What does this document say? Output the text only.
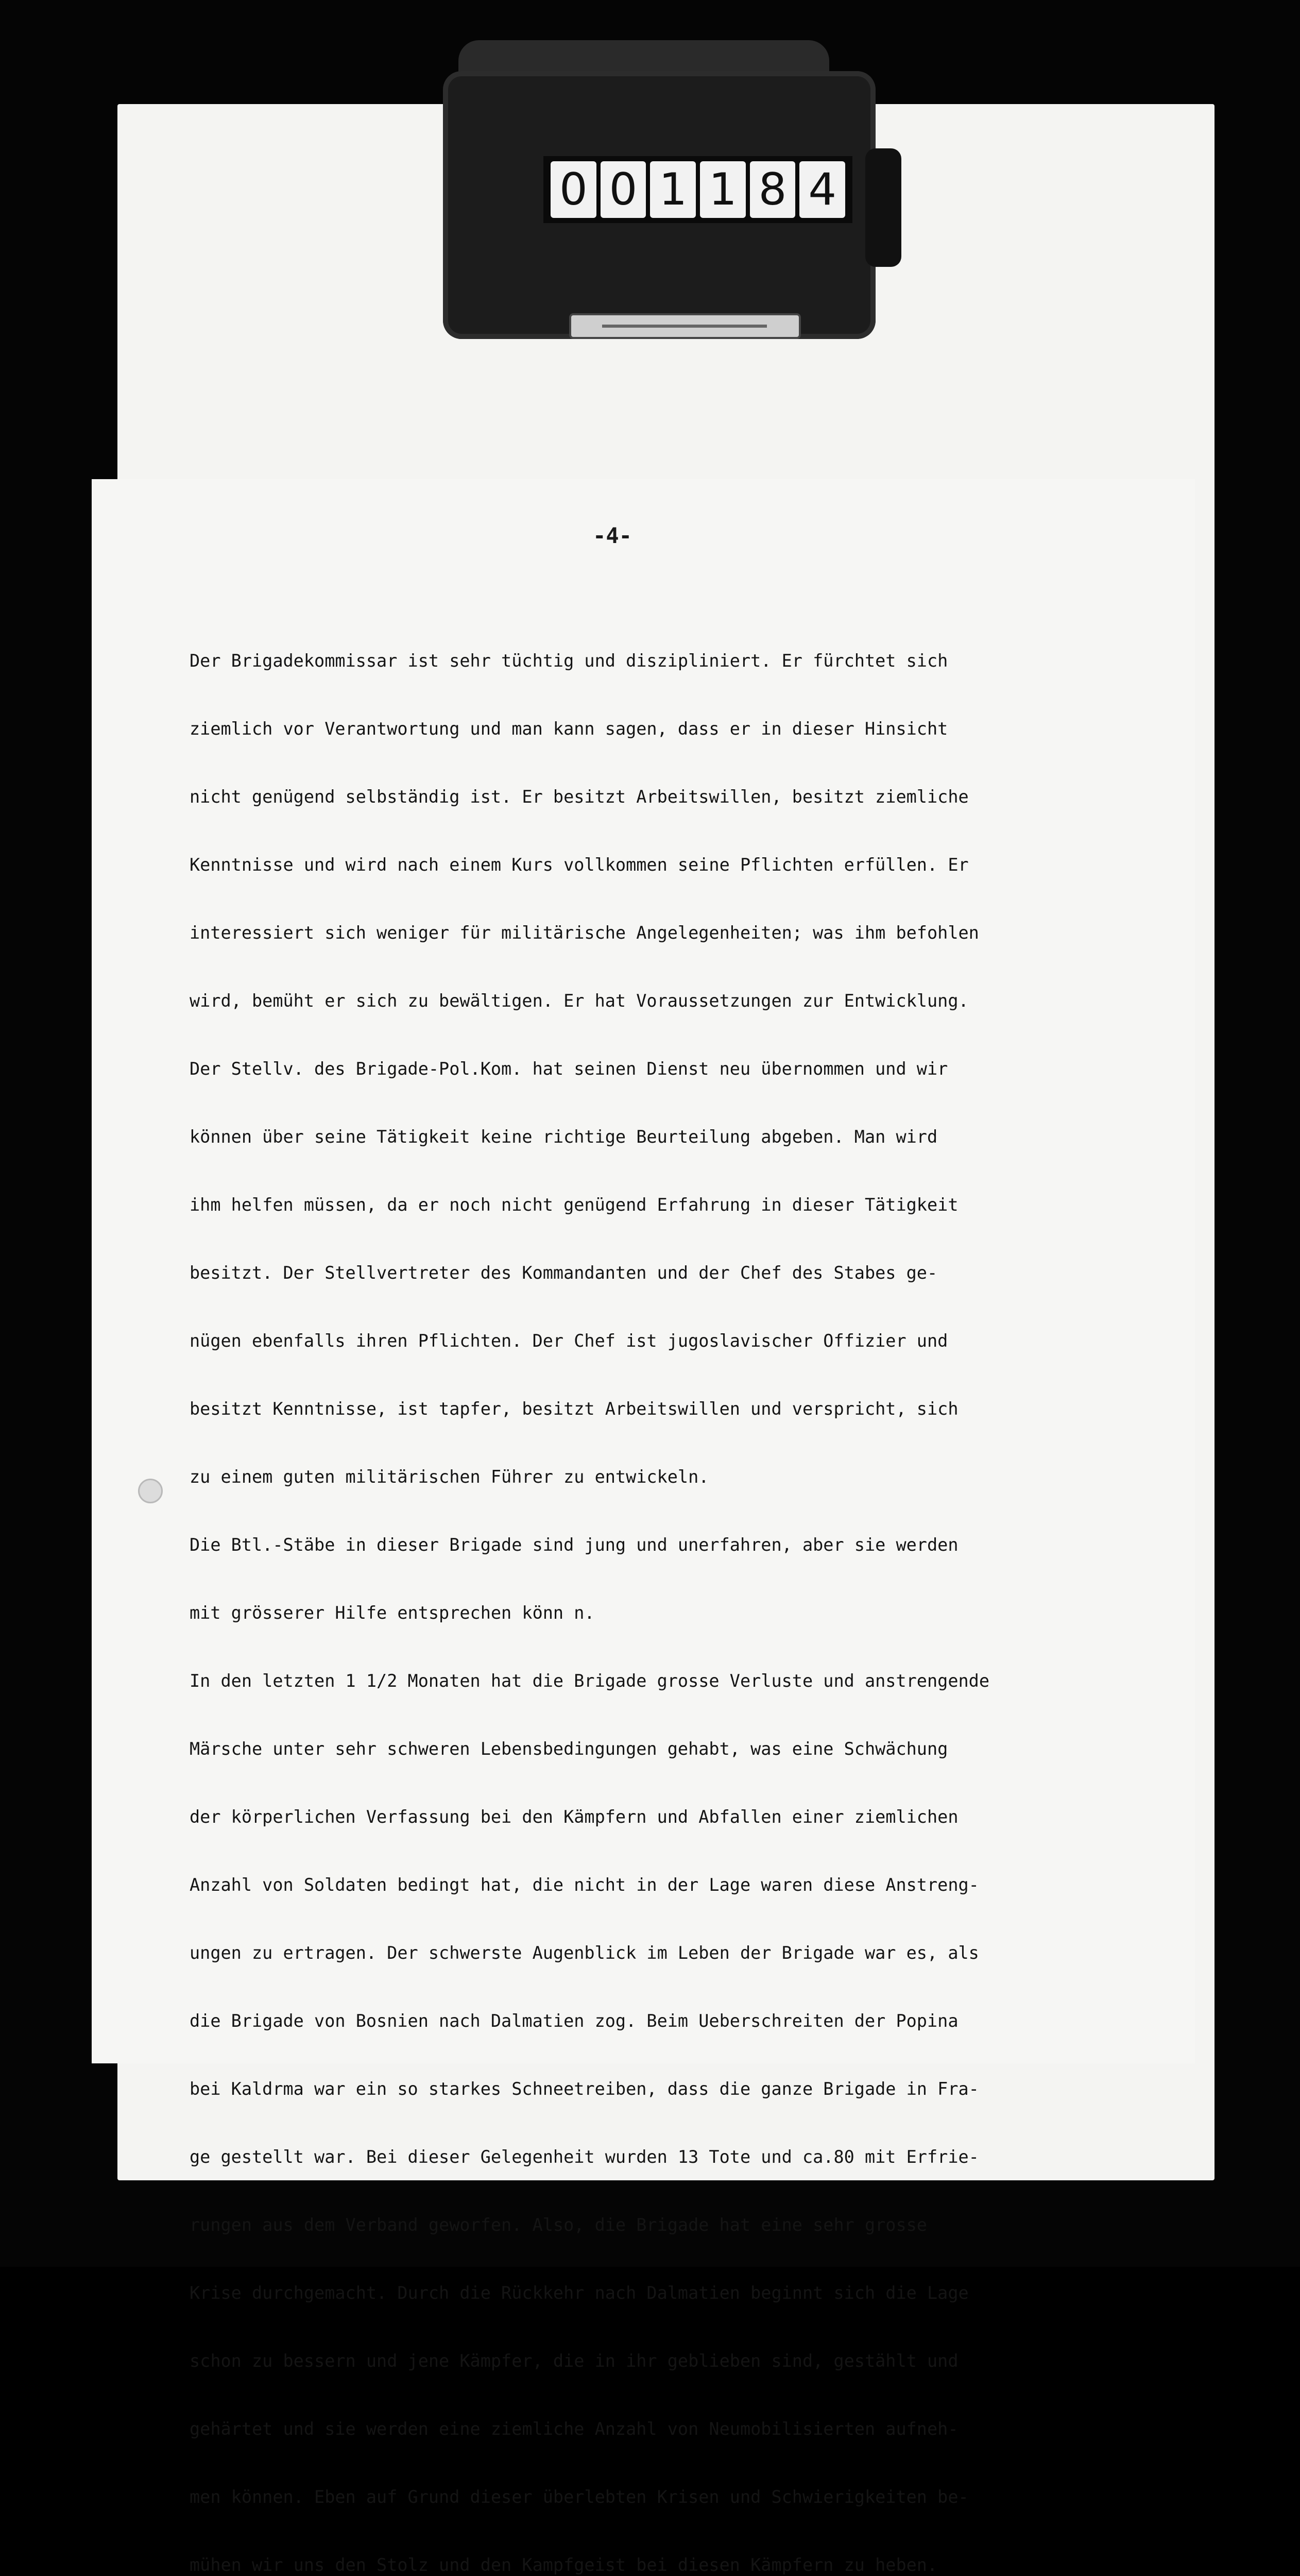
0 0 1 1 8 4
-4-

Der Brigadekommissar ist sehr tüchtig und diszipliniert. Er fürchtet sich

ziemlich vor Verantwortung und man kann sagen, dass er in dieser Hinsicht

nicht genügend selbständig ist. Er besitzt Arbeitswillen, besitzt ziemliche

Kenntnisse und wird nach einem Kurs vollkommen seine Pflichten erfüllen. Er

interessiert sich weniger für militärische Angelegenheiten; was ihm befohlen

wird, bemüht er sich zu bewältigen. Er hat Voraussetzungen zur Entwicklung.

Der Stellv. des Brigade-Pol.Kom. hat seinen Dienst neu übernommen und wir

können über seine Tätigkeit keine richtige Beurteilung abgeben. Man wird

ihm helfen müssen, da er noch nicht genügend Erfahrung in dieser Tätigkeit

besitzt. Der Stellvertreter des Kommandanten und der Chef des Stabes ge-

nügen ebenfalls ihren Pflichten. Der Chef ist jugoslavischer Offizier und

besitzt Kenntnisse, ist tapfer, besitzt Arbeitswillen und verspricht, sich

zu einem guten militärischen Führer zu entwickeln.

Die Btl.-Stäbe in dieser Brigade sind jung und unerfahren, aber sie werden

mit grösserer Hilfe entsprechen könn n.

In den letzten 1 1/2 Monaten hat die Brigade grosse Verluste und anstrengende

Märsche unter sehr schweren Lebensbedingungen gehabt, was eine Schwächung

der körperlichen Verfassung bei den Kämpfern und Abfallen einer ziemlichen

Anzahl von Soldaten bedingt hat, die nicht in der Lage waren diese Anstreng-

ungen zu ertragen. Der schwerste Augenblick im Leben der Brigade war es, als

die Brigade von Bosnien nach Dalmatien zog. Beim Ueberschreiten der Popina

bei Kaldrma war ein so starkes Schneetreiben, dass die ganze Brigade in Fra-

ge gestellt war. Bei dieser Gelegenheit wurden 13 Tote und ca.80 mit Erfrie-

rungen aus dem Verband geworfen. Also, die Brigade hat eine sehr grosse

Krise durchgemacht. Durch die Rückkehr nach Dalmatien beginnt sich die Lage

schon zu bessern und jene Kämpfer, die in ihr geblieben sind, gestählt und

gehärtet und sie werden eine ziemliche Anzahl von Neumobilisierten aufneh-

men können. Eben auf Grund dieser überlebten Krisen und Schwierigkeiten be-

mühen wir uns den Stolz und den Kampfgeist bei diesen Kämpfern zu heben.
